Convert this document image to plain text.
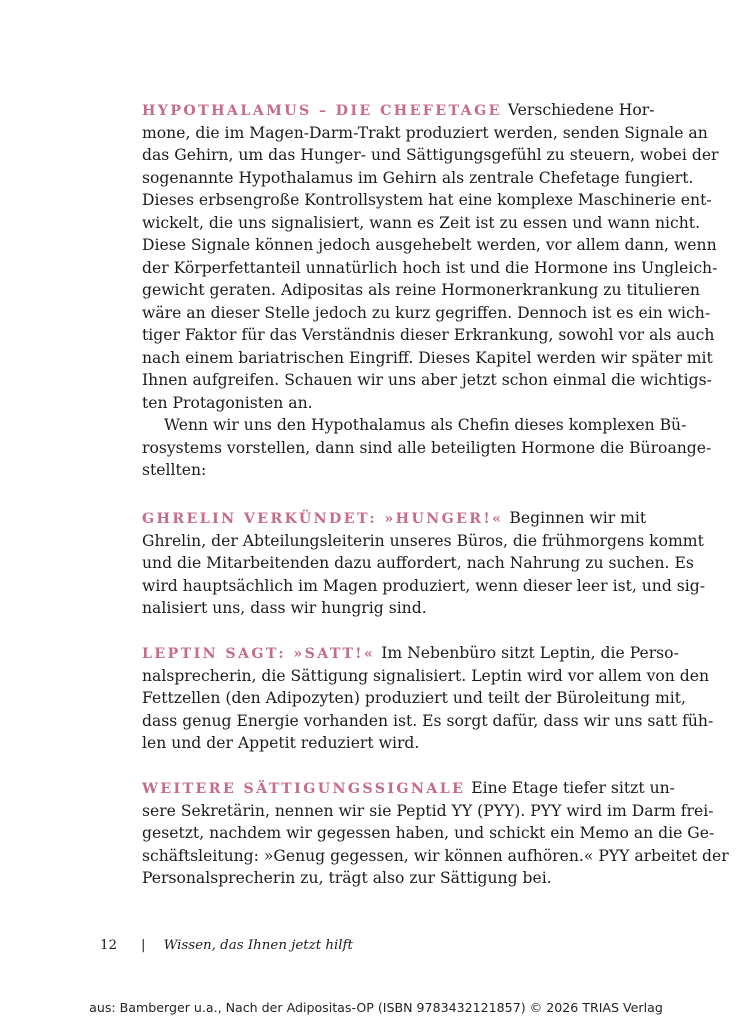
HYPOTHALAMUS – DIE CHEFETAGE Verschiedene Hor-
mone, die im Magen-Darm-Trakt produziert werden, senden Signale an
das Gehirn, um das Hunger- und Sättigungsgefühl zu steuern, wobei der
sogenannte Hypothalamus im Gehirn als zentrale Chefetage fungiert.
Dieses erbsengroße Kontrollsystem hat eine komplexe Maschinerie ent-
wickelt, die uns signalisiert, wann es Zeit ist zu essen und wann nicht.
Diese Signale können jedoch ausgehebelt werden, vor allem dann, wenn
der Körperfettanteil unnatürlich hoch ist und die Hormone ins Ungleich-
gewicht geraten. Adipositas als reine Hormonerkrankung zu titulieren
wäre an dieser Stelle jedoch zu kurz gegriffen. Dennoch ist es ein wich-
tiger Faktor für das Verständnis dieser Erkrankung, sowohl vor als auch
nach einem bariatrischen Eingriff. Dieses Kapitel werden wir später mit
Ihnen aufgreifen. Schauen wir uns aber jetzt schon einmal die wichtigs-
ten Protagonisten an.
Wenn wir uns den Hypothalamus als Chefin dieses komplexen Bü-
rosystems vorstellen, dann sind alle beteiligten Hormone die Büroange-
stellten:
GHRELIN VERKÜNDET: »HUNGER!« Beginnen wir mit
Ghrelin, der Abteilungsleiterin unseres Büros, die frühmorgens kommt
und die Mitarbeitenden dazu auffordert, nach Nahrung zu suchen. Es
wird hauptsächlich im Magen produziert, wenn dieser leer ist, und sig-
nalisiert uns, dass wir hungrig sind.
LEPTIN SAGT: »SATT!« Im Nebenbüro sitzt Leptin, die Perso-
nalsprecherin, die Sättigung signalisiert. Leptin wird vor allem von den
Fettzellen (den Adipozyten) produziert und teilt der Büroleitung mit,
dass genug Energie vorhanden ist. Es sorgt dafür, dass wir uns satt füh-
len und der Appetit reduziert wird.
WEITERE SÄTTIGUNGSSIGNALE Eine Etage tiefer sitzt un-
sere Sekretärin, nennen wir sie Peptid YY (PYY). PYY wird im Darm frei-
gesetzt, nachdem wir gegessen haben, und schickt ein Memo an die Ge-
schäftsleitung: »Genug gegessen, wir können aufhören.« PYY arbeitet der
Personalsprecherin zu, trägt also zur Sättigung bei.
12 | Wissen, das Ihnen jetzt hilft
aus: Bamberger u.a., Nach der Adipositas-OP (ISBN 9783432121857) © 2026 TRIAS Verlag
